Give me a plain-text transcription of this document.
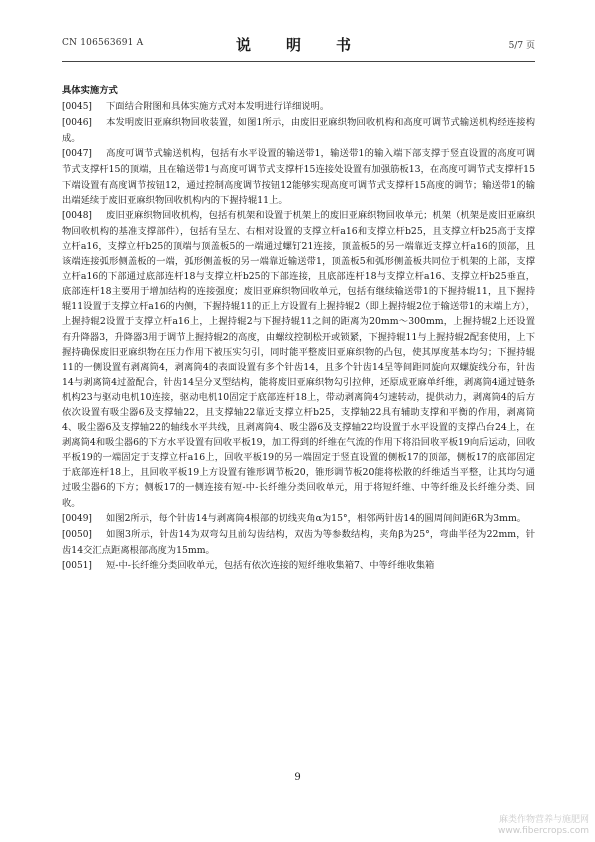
CN 106563691 A	说　明　书	5/7 页
具体实施方式

[0045] 下面结合附图和具体实施方式对本发明进行详细说明。

[0046] 本发明废旧亚麻织物回收装置，如图1所示，由废旧亚麻织物回收机构和高度可调节式输送机构经连接构成。

[0047] 高度可调节式输送机构，包括有水平设置的输送带1，输送带1的输入端下部支撑于竖直设置的高度可调节式支撑杆15的顶端，且在输送带1与高度可调节式支撑杆15连接处设置有加强筋板13，在高度可调节式支撑杆15下端设置有高度调节按钮12，通过控制高度调节按钮12能够实现高度可调节式支撑杆15高度的调节；输送带1的输出端延续于废旧亚麻织物回收机构内的下握持辊11上。

[0048] 废旧亚麻织物回收机构，包括有机架和设置于机架上的废旧亚麻织物回收单元；机架（机架是废旧亚麻织物回收机构的基准支撑部件），包括有呈左、右相对设置的支撑立杆a16和支撑立杆b25，且支撑立杆b25高于支撑立杆a16，支撑立杆b25的顶端与顶盖板5的一端通过螺钉21连接，顶盖板5的另一端靠近支撑立杆a16的顶部，且该端连接弧形侧盖板的一端，弧形侧盖板的另一端靠近输送带1，顶盖板5和弧形侧盖板共同位于机架的上部，支撑立杆a16的下部通过底部连杆18与支撑立杆b25的下部连接，且底部连杆18与支撑立杆a16、支撑立杆b25垂直，底部连杆18主要用于增加结构的连接强度；废旧亚麻织物回收单元，包括有继续输送带1的下握持辊11，且下握持辊11设置于支撑立杆a16的内侧，下握持辊11的正上方设置有上握持辊2（即上握持辊2位于输送带1的末端上方），上握持辊2设置于支撑立杆a16上，上握持辊2与下握持辊11之间的距离为20mm～300mm，上握持辊2上还设置有升降器3，升降器3用于调节上握持辊2的高度，由螺纹控制松开或锁紧，下握持辊11与上握持辊2配套使用，上下握持确保废旧亚麻织物在压力作用下被压实匀引，同时能平整废旧亚麻织物的凸包，使其厚度基本均匀；下握持辊11的一侧设置有剥离筒4，剥离筒4的表面设置有多个针齿14，且多个针齿14呈等间距同旋向双螺旋线分布，针齿14与剥离筒4过盈配合，针齿14呈分叉型结构，能将废旧亚麻织物勾引拉伸，还原成亚麻单纤维，剥离筒4通过链条机构23与驱动电机10连接，驱动电机10固定于底部连杆18上，带动剥离筒4匀速转动，提供动力，剥离筒4的后方依次设置有吸尘器6及支撑轴22，且支撑轴22靠近支撑立杆b25，支撑轴22具有辅助支撑和平衡的作用，剥离筒4、吸尘器6及支撑轴22的轴线水平共线，且剥离筒4、吸尘器6及支撑轴22均设置于水平设置的支撑凸台24上，在剥离筒4和吸尘器6的下方水平设置有回收平板19，加工得到的纤维在气流的作用下将沿回收平板19向后运动，回收平板19的一端固定于支撑立杆a16上，回收平板19的另一端固定于竖直设置的侧板17的顶部，侧板17的底部固定于底部连杆18上，且回收平板19上方设置有锥形调节板20，锥形调节板20能将松散的纤维适当平整，让其均匀通过吸尘器6的下方；侧板17的一侧连接有短-中-长纤维分类回收单元，用于将短纤维、中等纤维及长纤维分类、回收。

[0049] 如图2所示，每个针齿14与剥离筒4根部的切线夹角α为15°，相邻两针齿14的圆周间间距6R为3mm。

[0050] 如图3所示，针齿14为双弯勾且前勾齿结构，双齿为等参数结构，夹角β为25°，弯曲半径为22mm，针齿14交汇点距离根部高度为15mm。

[0051] 短-中-长纤维分类回收单元，包括有依次连接的短纤维收集箱7、中等纤维收集箱

9
麻类作物营养与施肥网
www.fibercrops.com
